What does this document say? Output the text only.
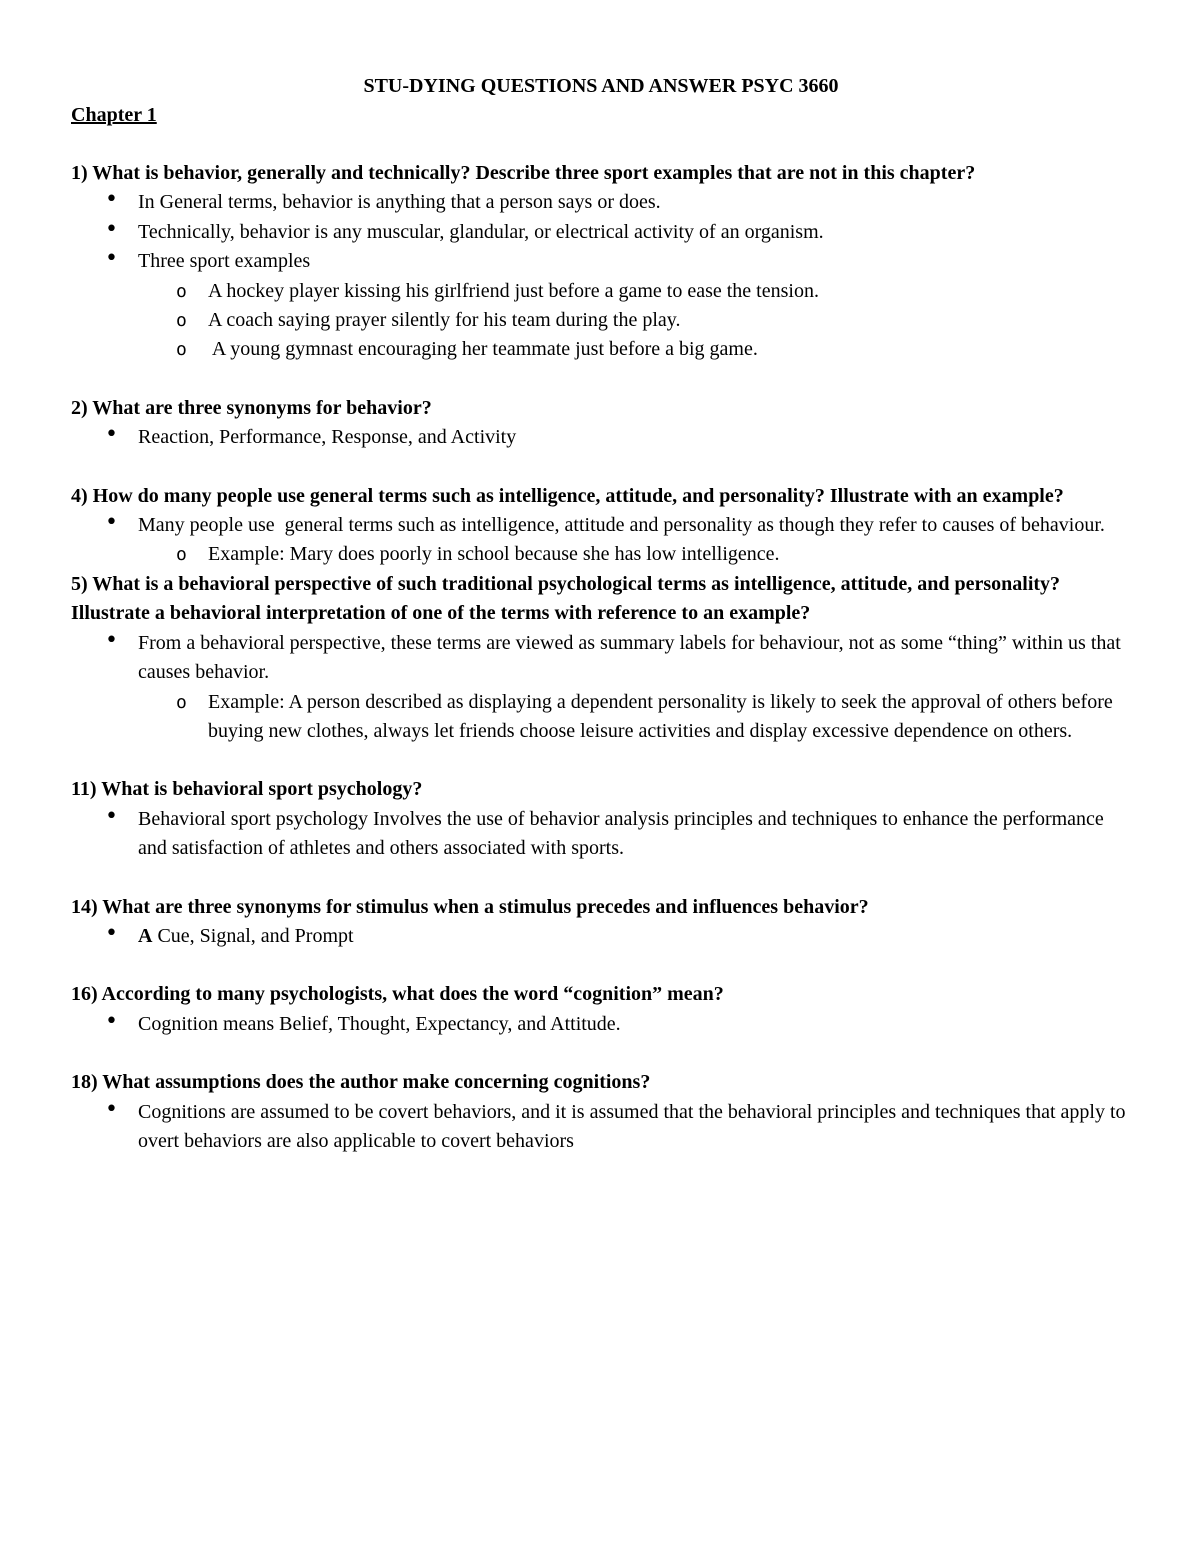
STU-DYING QUESTIONS AND ANSWER PSYC 3660

Chapter 1

1) What is behavior, generally and technically? Describe three sport examples that are not in this chapter?

• In General terms, behavior is anything that a person says or does.
• Technically, behavior is any muscular, glandular, or electrical activity of an organism.
• Three sport examples
o A hockey player kissing his girlfriend just before a game to ease the tension.
o A coach saying prayer silently for his team during the play.
o  A young gymnast encouraging her teammate just before a big game.

2) What are three synonyms for behavior?

• Reaction, Performance, Response, and Activity

4) How do many people use general terms such as intelligence, attitude, and personality? Illustrate with an example?

• Many people use  general terms such as intelligence, attitude and personality as though they refer to causes of behaviour.
o Example: Mary does poorly in school because she has low intelligence.

5) What is a behavioral perspective of such traditional psychological terms as intelligence, attitude, and personality? Illustrate a behavioral interpretation of one of the terms with reference to an example?

• From a behavioral perspective, these terms are viewed as summary labels for behaviour, not as some “thing” within us that causes behavior.
o Example: A person described as displaying a dependent personality is likely to seek the approval of others before buying new clothes, always let friends choose leisure activities and display excessive dependence on others.

11) What is behavioral sport psychology?

• Behavioral sport psychology Involves the use of behavior analysis principles and techniques to enhance the performance and satisfaction of athletes and others associated with sports.

14) What are three synonyms for stimulus when a stimulus precedes and influences behavior?

• A Cue, Signal, and Prompt

16) According to many psychologists, what does the word “cognition” mean?

• Cognition means Belief, Thought, Expectancy, and Attitude.

18) What assumptions does the author make concerning cognitions?

• Cognitions are assumed to be covert behaviors, and it is assumed that the behavioral principles and techniques that apply to overt behaviors are also applicable to covert behaviors
